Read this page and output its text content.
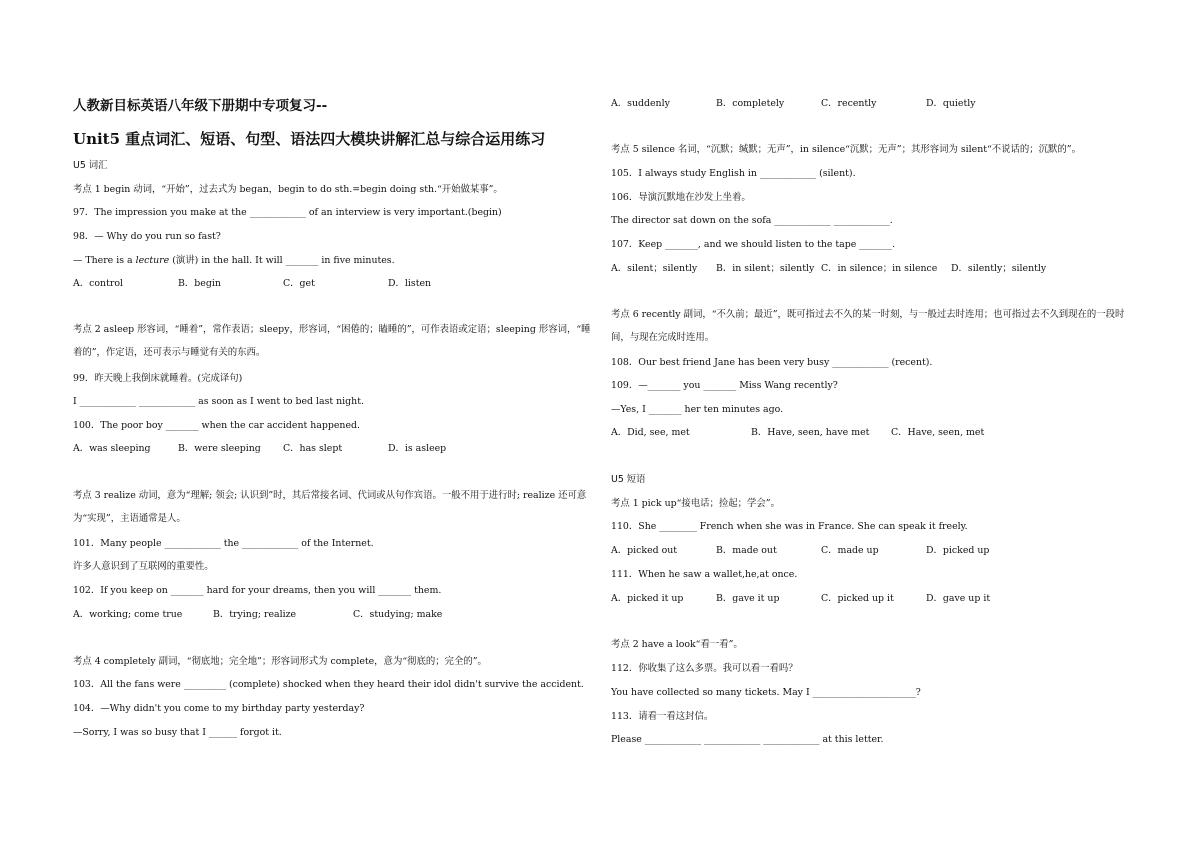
人教新目标英语八年级下册期中专项复习--
Unit5 重点词汇、短语、句型、语法四大模块讲解汇总与综合运用练习
U5 词汇
考点 1 begin 动词，“开始”，过去式为 began，begin to do sth.=begin doing sth.“开始做某事”。
97．The impression you make at the ____________ of an interview is very important.(begin)
98．— Why do you run so fast?
— There is a lecture (演讲) in the hall. It will _______ in five minutes.
A．control	B．begin	C．get	D．listen
考点 2 asleep 形容词，“睡着”，常作表语；sleepy，形容词，“困倦的；瞌睡的”，可作表语或定语；sleeping 形容词，“睡着的”，作定语，还可表示与睡觉有关的东西。
99．昨天晚上我倒床就睡着。(完成译句)
I ____________ ____________ as soon as I went to bed last night.
100．The poor boy _______ when the car accident happened.
A．was sleeping	B．were sleeping C．has slept	D．is asleep
考点 3 realize 动词，意为“理解; 领会; 认识到”时，其后常接名词、代词或从句作宾语。一般不用于进行时; realize 还可意为“实现”，主语通常是人。
101．Many people ____________ the ____________ of the Internet.
许多人意识到了互联网的重要性。
102．If you keep on _______ hard for your dreams, then you will _______ them.
A．working; come true	B．trying; realize	C．studying; make
考点 4 completely 副词，“彻底地；完全地”；形容词形式为 complete，意为“彻底的；完全的”。
103．All the fans were _________ (complete) shocked when they heard their idol didn't survive the accident.
104．—Why didn't you come to my birthday party yesterday?
—Sorry, I was so busy that I ______ forgot it.
A．suddenly	B．completely	C．recently	D．quietly
考点 5 silence 名词，“沉默；缄默；无声”，in silence“沉默；无声”；其形容词为 silent“不说话的；沉默的”。
105．I always study English in ____________ (silent).
106．导演沉默地在沙发上坐着。
The director sat down on the sofa ____________ ____________.
107．Keep _______, and we should listen to the tape _______.
A．silent；silently B．in silent；silently C．in silence；in silence D．silently；silently
考点 6 recently 副词，“不久前；最近”，既可指过去不久的某一时刻，与一般过去时连用；也可指过去不久到现在的一段时间，与现在完成时连用。
108．Our best friend Jane has been very busy ____________ (recent).
109．—_______ you _______ Miss Wang recently?
—Yes, I _______ her ten minutes ago.
A．Did, see, met	B．Have, seen, have met C．Have, seen, met
U5 短语
考点 1 pick up“接电话；捡起；学会”。
110．She ________ French when she was in France. She can speak it freely.
A．picked out	B．made out	C．made up	D．picked up
111．When he saw a wallet,he,at once.
A．picked it up	B．gave it up	C．picked up it	D．gave up it
考点 2 have a look“看一看”。
112．你收集了这么多票。我可以看一看吗？
You have collected so many tickets. May I ______________________?
113．请看一看这封信。
Please ____________ ____________ ____________ at this letter.
